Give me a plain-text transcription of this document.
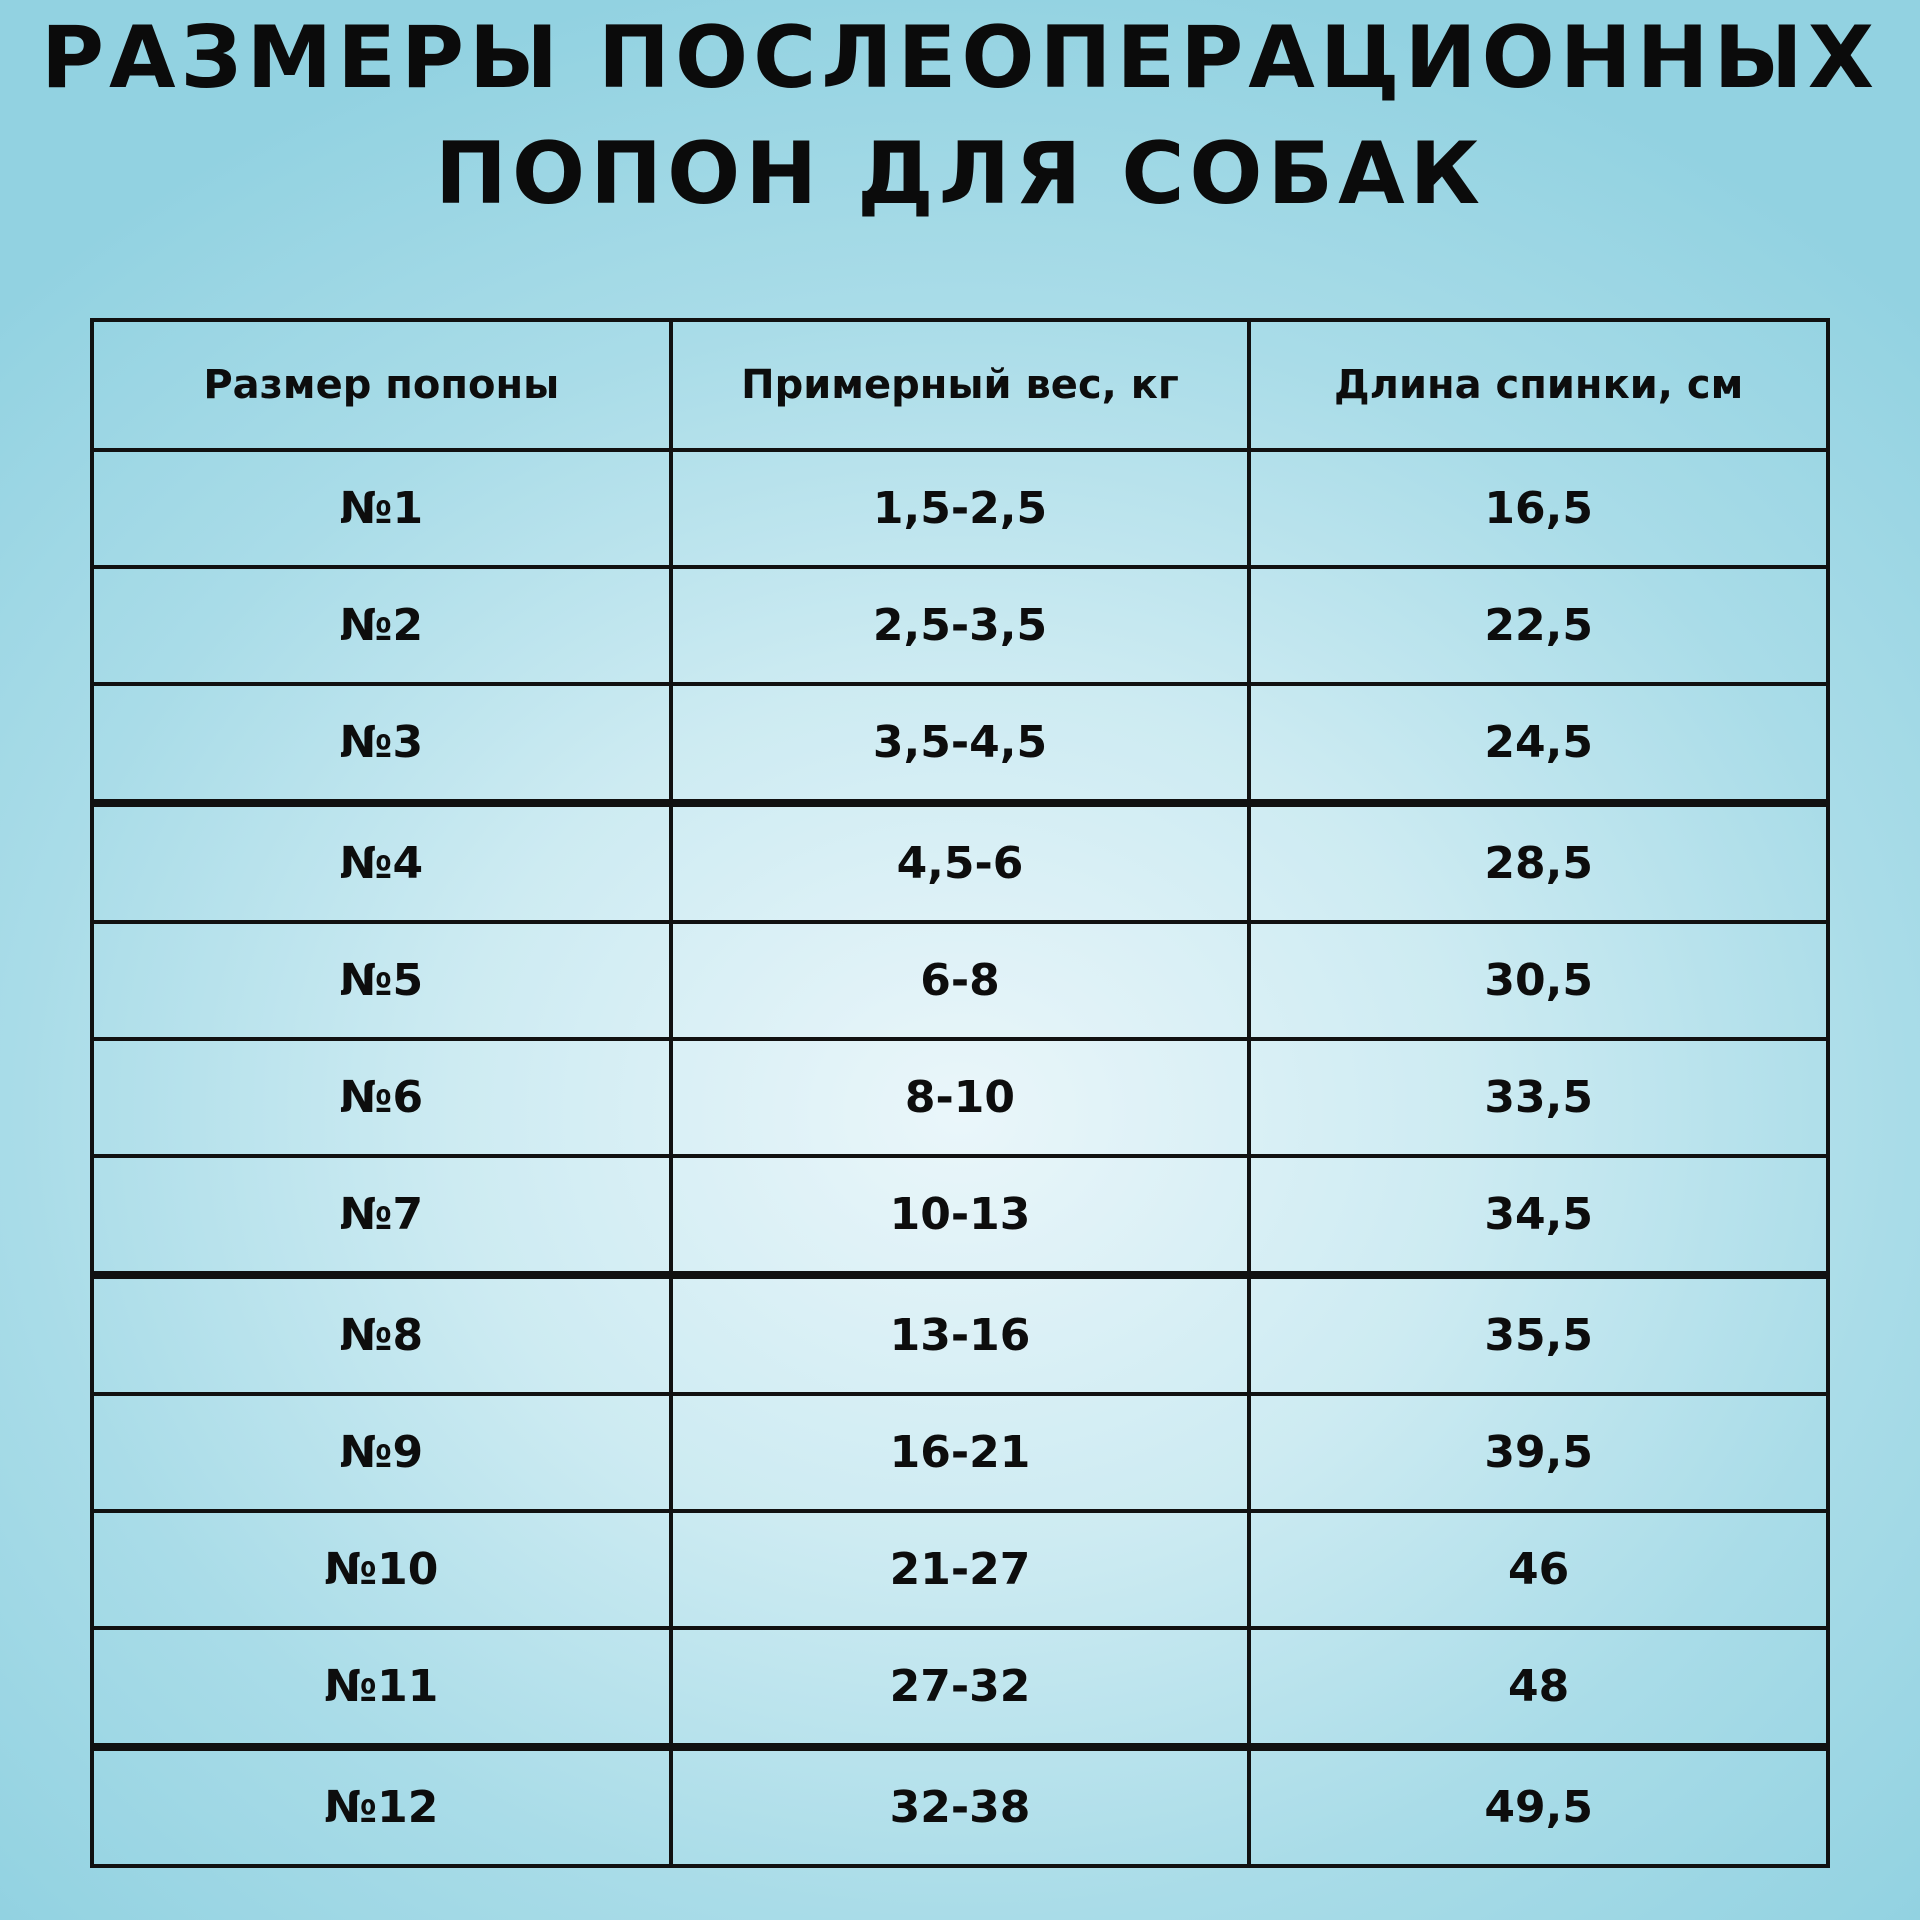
РАЗМЕРЫ ПОСЛЕОПЕРАЦИОННЫХ
ПОПОН ДЛЯ СОБАК
Размер попоны	Примерный вес, кг	Длина спинки, см
№1	1,5-2,5	16,5
№2	2,5-3,5	22,5
№3	3,5-4,5	24,5
№4	4,5-6	28,5
№5	6-8	30,5
№6	8-10	33,5
№7	10-13	34,5
№8	13-16	35,5
№9	16-21	39,5
№10	21-27	46
№11	27-32	48
№12	32-38	49,5
